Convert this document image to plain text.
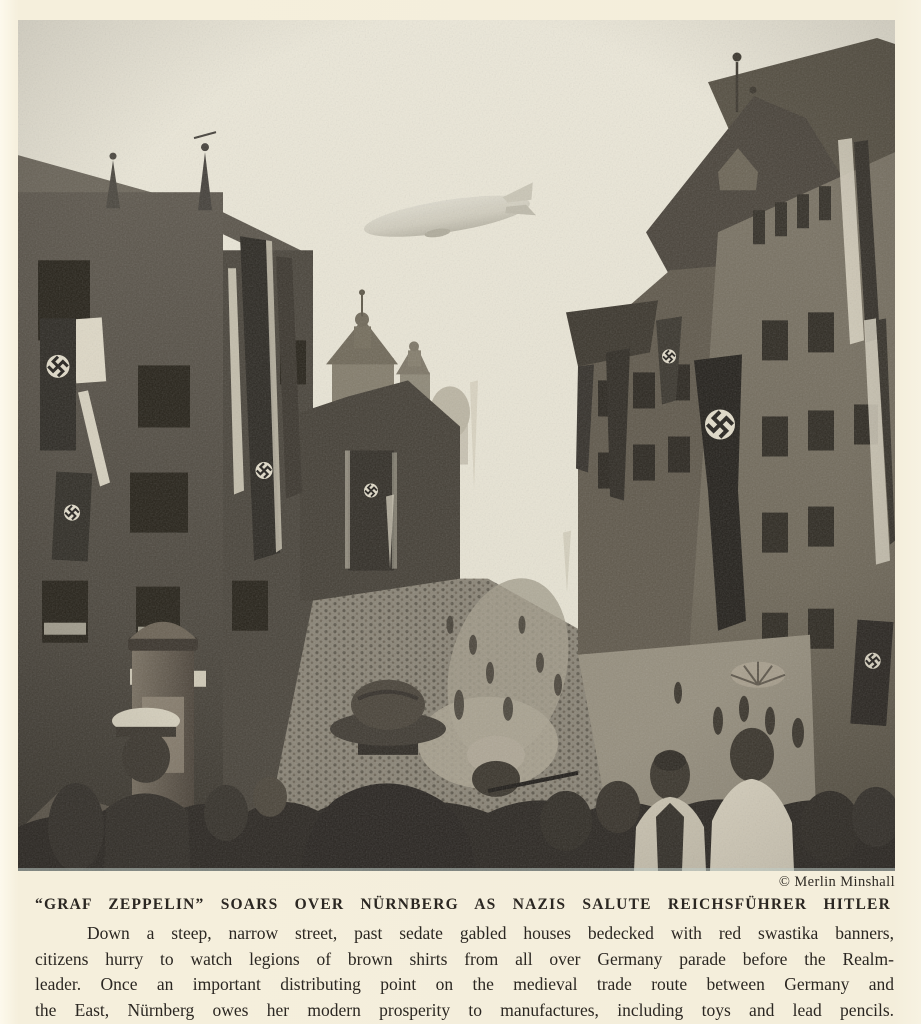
© Merlin Minshall
“GRAF ZEPPELIN” SOARS OVER NÜRNBERG AS NAZIS SALUTE REICHSFÜHRER HITLER
Down a steep, narrow street, past sedate gabled houses bedecked with red swastika banners,
citizens hurry to watch legions of brown shirts from all over Germany parade before the Realm-
leader. Once an important distributing point on the medieval trade route between Germany and
the East, Nürnberg owes her modern prosperity to manufactures, including toys and lead pencils.
